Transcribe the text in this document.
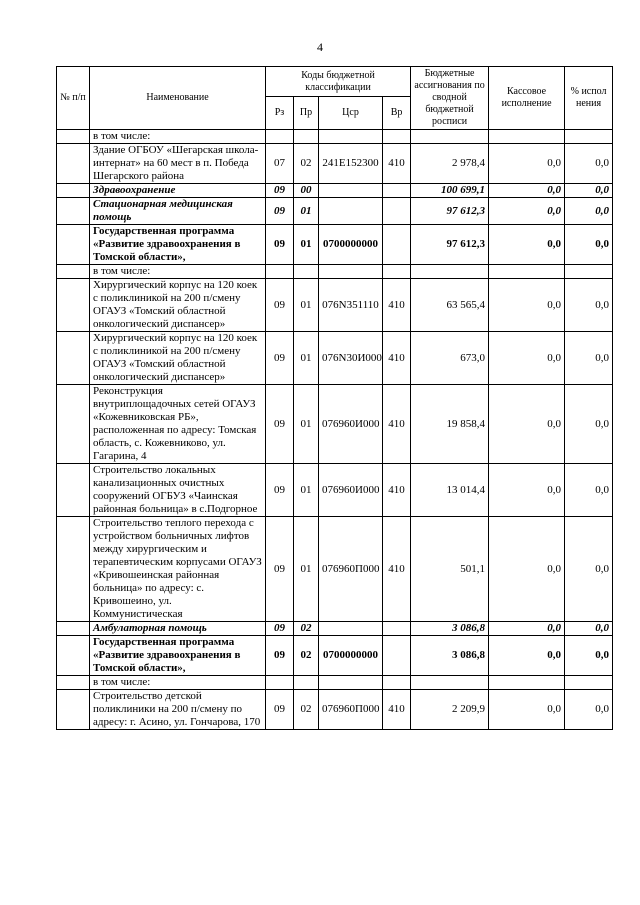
4
№ п/п	Наименование	Коды бюджетной классификации				Бюджетные ассигнования по сводной бюджетной росписи	Кассовое исполнение	% испол нения
		Рз	Пр	Цср	Вр			
	в том числе:							
	Здание ОГБОУ «Шегарская школа-интернат» на 60 мест в п. Победа Шегарского района	07	02	241E152300	410	2 978,4	0,0	0,0
	Здравоохранение	09	00			100 699,1	0,0	0,0
	Стационарная медицинская помощь	09	01			97 612,3	0,0	0,0
	Государственная программа «Развитие здравоохранения в Томской области»,	09	01	0700000000		97 612,3	0,0	0,0
	в том числе:							
	Хирургический корпус на 120 коек с поликлиникой на 200 п/смену ОГАУЗ «Томский областной онкологический диспансер»	09	01	076N351110	410	63 565,4	0,0	0,0
	Хирургический корпус на 120 коек с поликлиникой на 200 п/смену ОГАУЗ «Томский областной онкологический диспансер»	09	01	076N30И000	410	673,0	0,0	0,0
	Реконструкция внутриплощадочных сетей ОГАУЗ «Кожевниковская РБ», расположенная по адресу: Томская область, с. Кожевниково, ул. Гагарина, 4	09	01	076960И000	410	19 858,4	0,0	0,0
	Строительство локальных канализационных очистных сооружений ОГБУЗ «Чаинская районная больница» в с.Подгорное	09	01	076960И000	410	13 014,4	0,0	0,0
	Строительство теплого перехода с устройством больничных лифтов между хирургическим и терапевтическим корпусами ОГАУЗ «Кривошеинская районная больница» по адресу: с. Кривошеино, ул. Коммунистическая	09	01	076960П000	410	501,1	0,0	0,0
	Амбулаторная помощь	09	02			3 086,8	0,0	0,0
	Государственная программа «Развитие здравоохранения в Томской области»,	09	02	0700000000		3 086,8	0,0	0,0
	в том числе:							
	Строительство детской поликлиники на 200 п/смену по адресу: г. Асино, ул. Гончарова, 170	09	02	076960П000	410	2 209,9	0,0	0,0
